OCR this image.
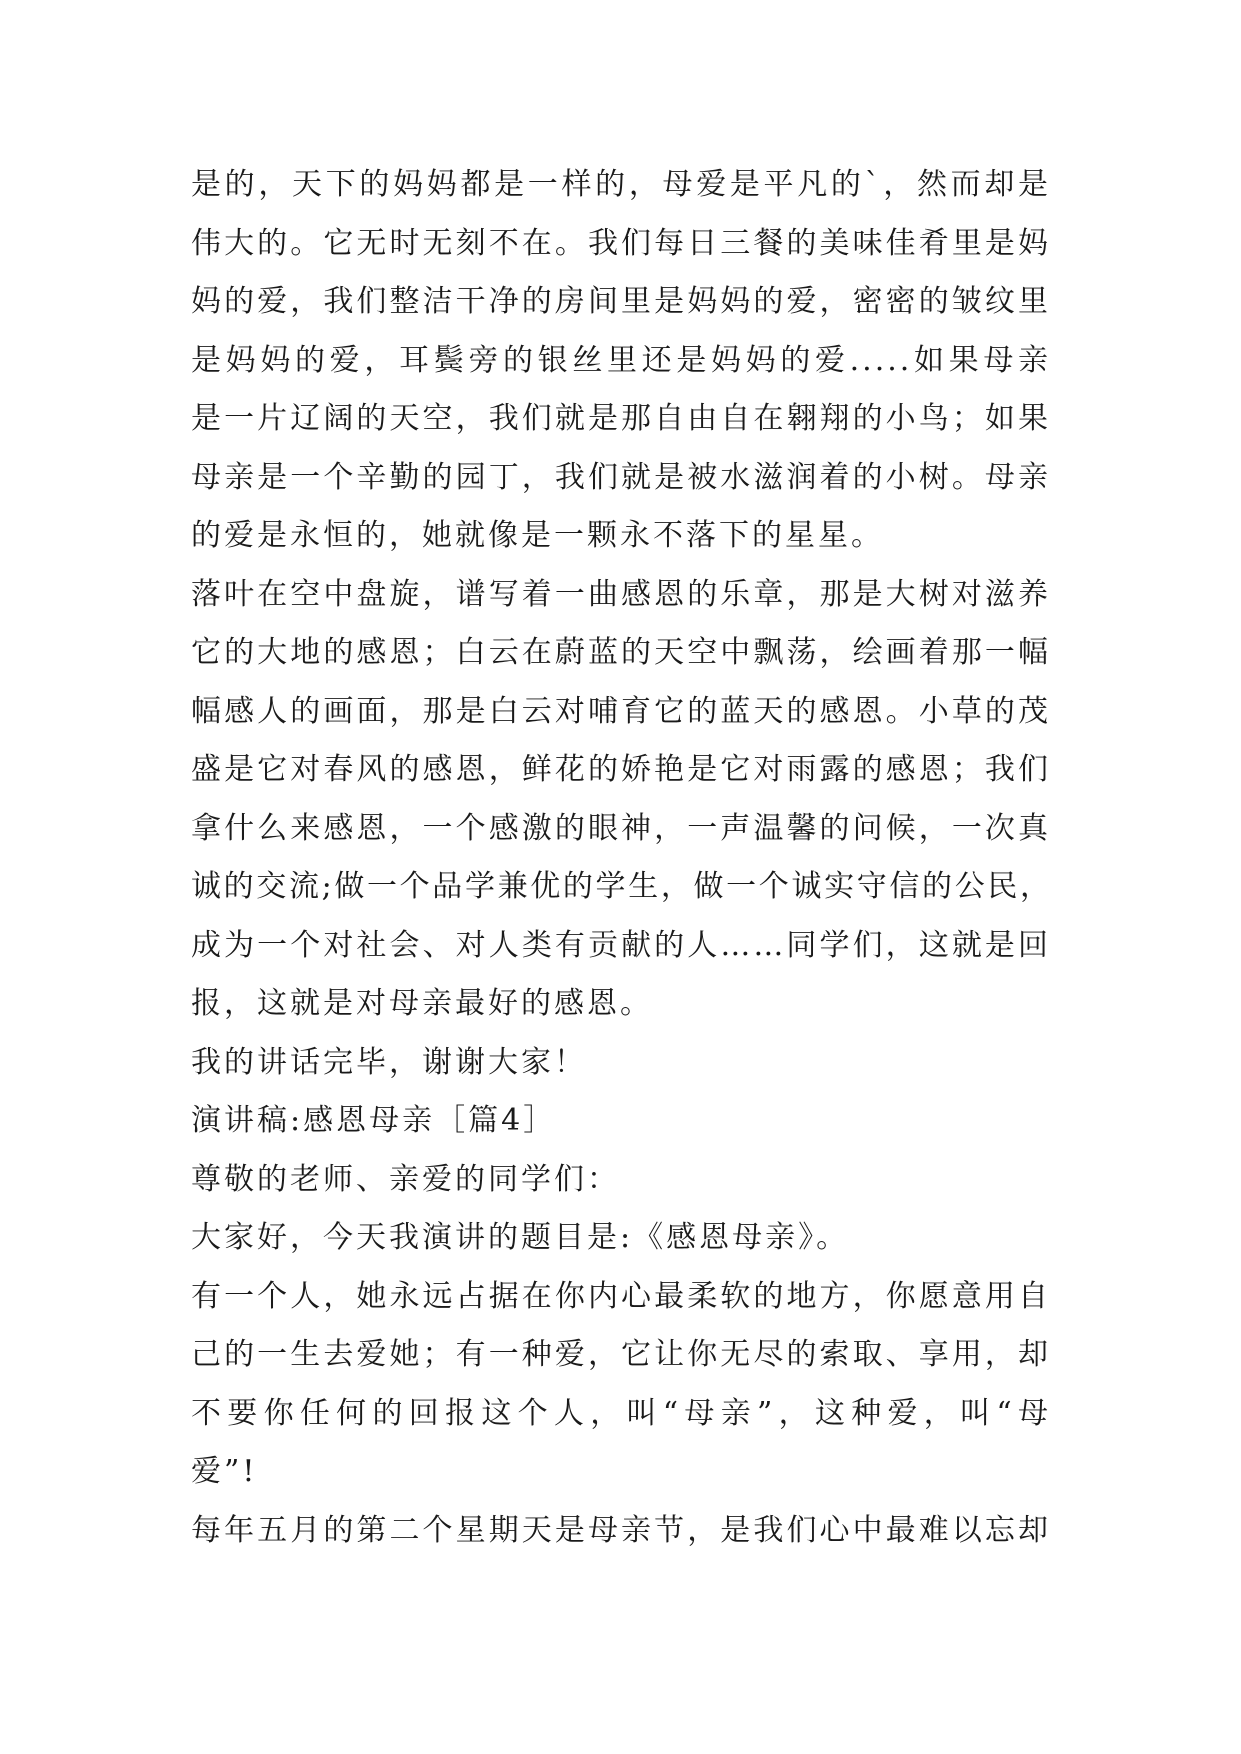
是的，天下的妈妈都是一样的，母爱是平凡的`，然而却是
伟大的。它无时无刻不在。我们每日三餐的美味佳肴里是妈
妈的爱，我们整洁干净的房间里是妈妈的爱，密密的皱纹里
是妈妈的爱，耳鬓旁的银丝里还是妈妈的爱.....如果母亲
是一片辽阔的天空，我们就是那自由自在翱翔的小鸟；如果
母亲是一个辛勤的园丁，我们就是被水滋润着的小树。母亲
的爱是永恒的，她就像是一颗永不落下的星星。
落叶在空中盘旋，谱写着一曲感恩的乐章，那是大树对滋养
它的大地的感恩；白云在蔚蓝的天空中飘荡，绘画着那一幅
幅感人的画面，那是白云对哺育它的蓝天的感恩。小草的茂
盛是它对春风的感恩，鲜花的娇艳是它对雨露的感恩；我们
拿什么来感恩，一个感激的眼神，一声温馨的问候，一次真
诚的交流;做一个品学兼优的学生，做一个诚实守信的公民，
成为一个对社会、对人类有贡献的人……同学们，这就是回
报，这就是对母亲最好的感恩。
我的讲话完毕，谢谢大家！
演讲稿:感恩母亲［篇4］
尊敬的老师、亲爱的同学们：
大家好，今天我演讲的题目是:《感恩母亲》。
有一个人，她永远占据在你内心最柔软的地方，你愿意用自
己的一生去爱她；有一种爱，它让你无尽的索取、享用，却
不要你任何的回报这个人，叫“母亲”，这种爱，叫“母
爱”!
每年五月的第二个星期天是母亲节，是我们心中最难以忘却
